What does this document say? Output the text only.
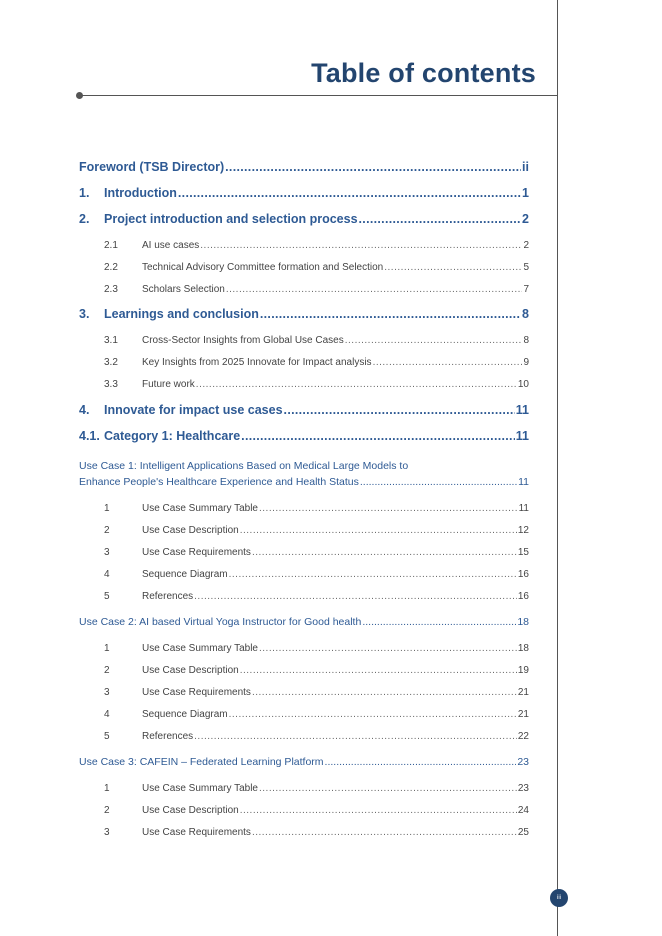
Table of contents
Foreword (TSB Director) .....	ii
1.	Introduction .....	1
2.	Project introduction and selection process .....	2
2.1	AI use cases .....	2
2.2	Technical Advisory Committee formation and Selection .....	5
2.3	Scholars Selection .....	7
3.	Learnings and conclusion .....	8
3.1	Cross-Sector Insights from Global Use Cases .....	8
3.2	Key Insights from 2025 Innovate for Impact analysis .....	9
3.3	Future work .....	10
4.	Innovate for impact use cases .....	11
4.1. Category 1: Healthcare .....	11
Use Case 1: Intelligent Applications Based on Medical Large Models to
Enhance People's Healthcare Experience and Health Status .....	11
1	Use Case Summary Table .....	11
2	Use Case Description .....	12
3	Use Case Requirements .....	15
4	Sequence Diagram .....	16
5	References .....	16
Use Case 2: AI based Virtual Yoga Instructor for Good health .....	18
1	Use Case Summary Table .....	18
2	Use Case Description .....	19
3	Use Case Requirements .....	21
4	Sequence Diagram .....	21
5	References .....	22
Use Case 3: CAFEIN – Federated Learning Platform .....	23
1	Use Case Summary Table .....	23
2	Use Case Description .....	24
3	Use Case Requirements .....	25
iii
